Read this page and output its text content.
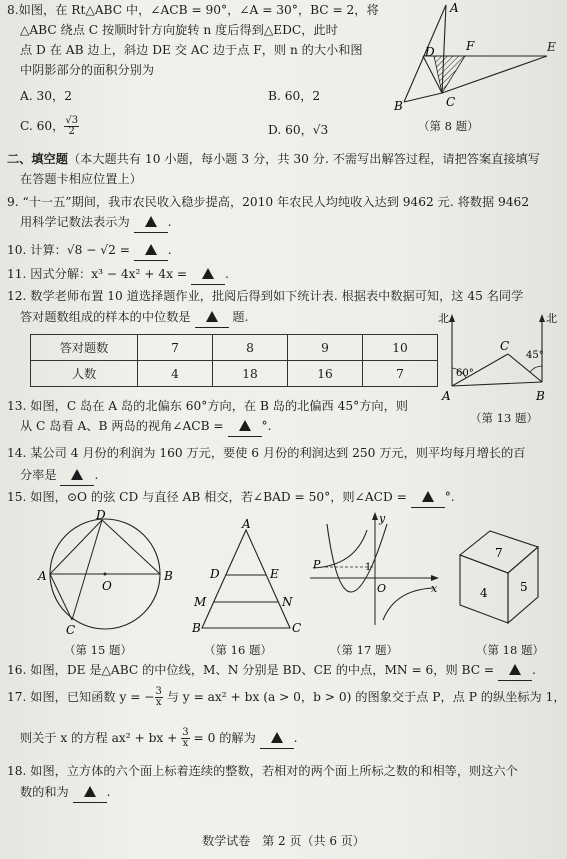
8.如图，在 Rt△ABC 中，∠ACB = 90°，∠A = 30°，BC = 2，将
△ABC 绕点 C 按顺时针方向旋转 n 度后得到△EDC，此时
点 D 在 AB 边上，斜边 DE 交 AC 边于点 F，则 n 的大小和图
中阴影部分的面积分别为
A. 30，2	B. 60，2
C. 60， $\frac{√3}{2}$	D. 60，√3
A
D	F
B	C
E
（第 8 题）
二、填空题（本大题共有 10 小题，每小题 3 分，共 30 分. 不需写出解答过程，请把答案直接填写
在答题卡相应位置上）
9. “十一五”期间，我市农民收入稳步提高，2010 年农民人均纯收入达到 9462 元. 将数据 9462
用科学记数法表示为	.
10. 计算：√8 − √2 =	.
11. 因式分解：x³ − 4x² + 4x =	.
12. 数学老师布置 10 道选择题作业，批阅后得到如下统计表. 根据表中数据可知，这 45 名同学
答对题数组成的样本的中位数是	题.
答对题数	7	8	9	10
人数	4	18	16	7
北	北
60°
45°
C
A	B
（第 13 题）
13. 如图，C 岛在 A 岛的北偏东 60°方向，在 B 岛的北偏西 45°方向，则
从 C 岛看 A、B 两岛的视角∠ACB =	°.
14. 某公司 4 月份的利润为 160 万元，要使 6 月份的利润达到 250 万元，则平均每月增长的百
分率是	.
15. 如图，⊙O 的弦 CD 与直径 AB 相交，若∠BAD = 50°，则∠ACD =	°.
D
A	B
O
C
（第 15 题）
A
D	E
M	N
B	C
（第 16 题）
P	1
y
x
O
（第 17 题）
7
4	5
（第 18 题）
16. 如图，DE 是△ABC 的中位线，M、N 分别是 BD、CE 的中点，MN = 6，则 BC =	.
17. 如图，已知函数 y = − $\frac{3}{x}$ 与 y = ax² + bx (a > 0，b > 0) 的图象交于点 P，点 P 的纵坐标为 1，
则关于 x 的方程 ax² + bx + $\frac{3}{x} = 0$ 的解为	.
18. 如图，立方体的六个面上标着连续的整数，若相对的两个面上所标之数的和相等，则这六个
数的和为	.
数学试卷　第 2 页（共 6 页）
